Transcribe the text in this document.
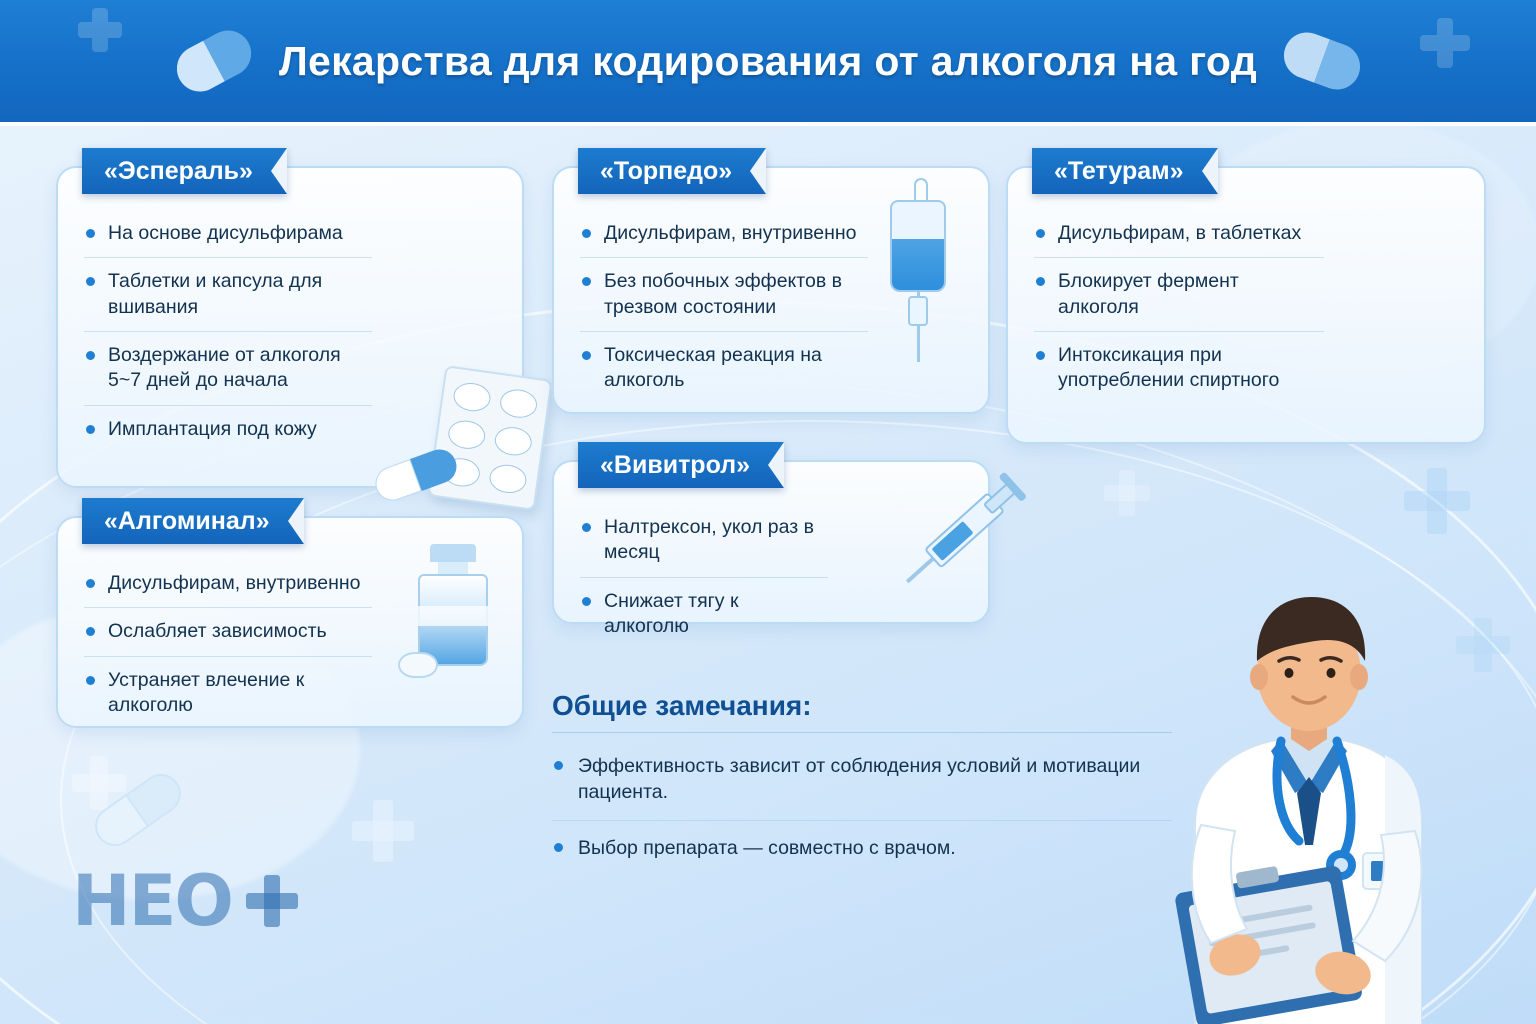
Лекарства для кодирования от алкоголя на год
«Эспераль»
На основе дисульфирама
Таблетки и капсула для вшивания
Воздержание от алкоголя 5~7 дней до начала
Имплантация под кожу
«Алгоминал»
Дисульфирам, внутривенно
Ослабляет зависимость
Устраняет влечение к алкоголю
«Торпедо»
Дисульфирам, внутривенно
Без побочных эффектов в трезвом состоянии
Токсическая реакция на алкоголь
«Вивитрол»
Налтрексон, укол раз в месяц
Снижает тягу к алкоголю
«Тетурам»
Дисульфирам, в таблетках
Блокирует фермент алкоголя
Интоксикация при употреблении спиртного
Общие замечания:
Эффективность зависит от соблюдения условий и мотивации пациента.
Выбор препарата — совместно с врачом.
НЕО
